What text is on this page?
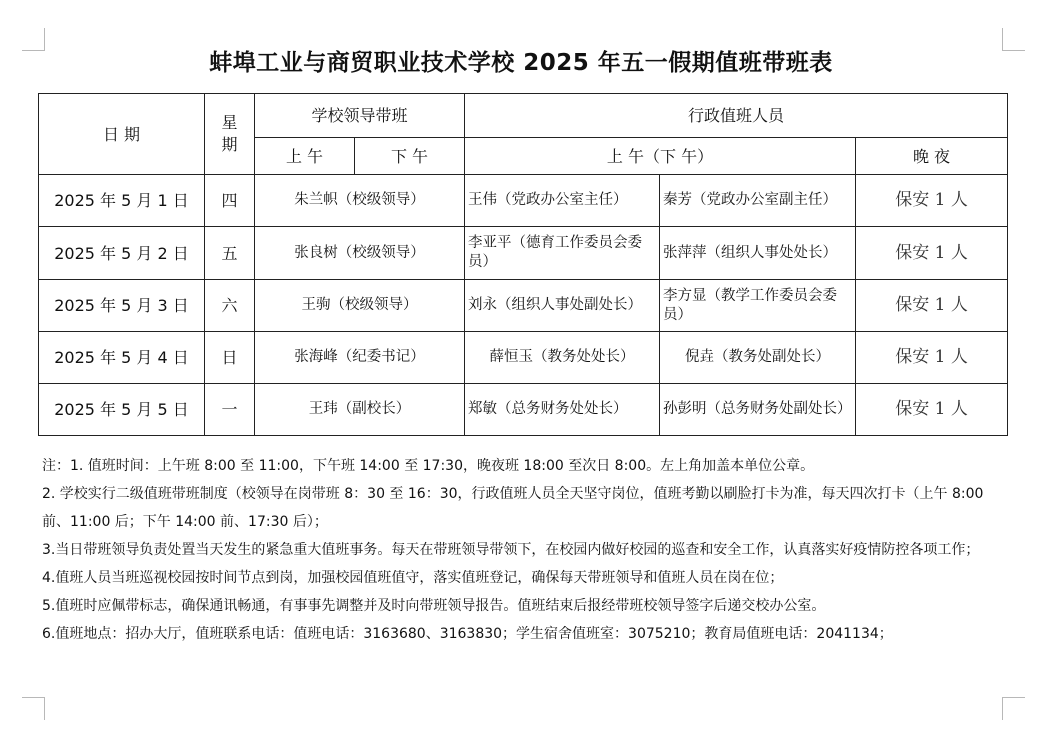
蚌埠工业与商贸职业技术学校 2025 年五一假期值班带班表
日 期	星期	学校领导带班		行政值班人员		
		上 午	下 午	上 午（下 午）		晚 夜
2025 年 5 月 1 日	四	朱兰帜（校级领导）		王伟（党政办公室主任）	秦芳（党政办公室副主任）	保安 1 人
2025 年 5 月 2 日	五	张良树（校级领导）		李亚平（德育工作委员会委员）	张萍萍（组织人事处处长）	保安 1 人
2025 年 5 月 3 日	六	王驹（校级领导）		刘永（组织人事处副处长）	李方显（教学工作委员会委员）	保安 1 人
2025 年 5 月 4 日	日	张海峰（纪委书记）		薛恒玉（教务处处长）	倪垚（教务处副处长）	保安 1 人
2025 年 5 月 5 日	一	王玮（副校长）		郑敏（总务财务处处长）	孙彭明（总务财务处副处长）	保安 1 人

注：1. 值班时间：上午班 8:00 至 11:00，下午班 14:00 至 17:30，晚夜班 18:00 至次日 8:00。左上角加盖本单位公章。

2. 学校实行二级值班带班制度（校领导在岗带班 8：30 至 16：30，行政值班人员全天坚守岗位，值班考勤以刷脸打卡为准，每天四次打卡（上午 8:00 前、11:00 后；下午 14:00 前、17:30 后）；

3.当日带班领导负责处置当天发生的紧急重大值班事务。每天在带班领导带领下，在校园内做好校园的巡查和安全工作，认真落实好疫情防控各项工作；

4.值班人员当班巡视校园按时间节点到岗，加强校园值班值守，落实值班登记，确保每天带班领导和值班人员在岗在位；

5.值班时应佩带标志，确保通讯畅通，有事事先调整并及时向带班领导报告。值班结束后报经带班校领导签字后递交校办公室。

6.值班地点：招办大厅，值班联系电话：值班电话：3163680、3163830；学生宿舍值班室：3075210；教育局值班电话：2041134；
